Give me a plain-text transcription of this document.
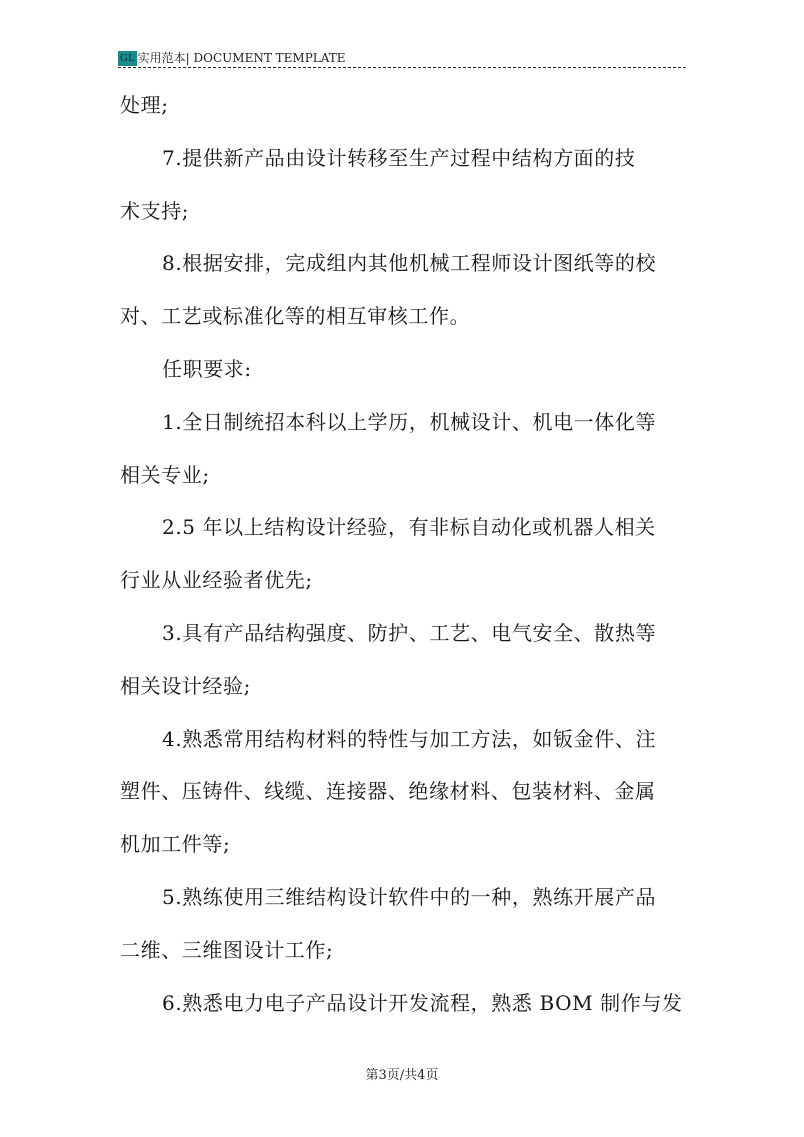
GL 实用范本| DOCUMENT TEMPLATE
处理;
7.提供新产品由设计转移至生产过程中结构方面的技
术支持;
8.根据安排，完成组内其他机械工程师设计图纸等的校
对、工艺或标准化等的相互审核工作。
任职要求:
1.全日制统招本科以上学历，机械设计、机电一体化等
相关专业;
2.5 年以上结构设计经验，有非标自动化或机器人相关
行业从业经验者优先;
3.具有产品结构强度、防护、工艺、电气安全、散热等
相关设计经验;
4.熟悉常用结构材料的特性与加工方法，如钣金件、注
塑件、压铸件、线缆、连接器、绝缘材料、包装材料、金属
机加工件等;
5.熟练使用三维结构设计软件中的一种，熟练开展产品
二维、三维图设计工作;
6.熟悉电力电子产品设计开发流程，熟悉 BOM 制作与发
第3页/共4页
